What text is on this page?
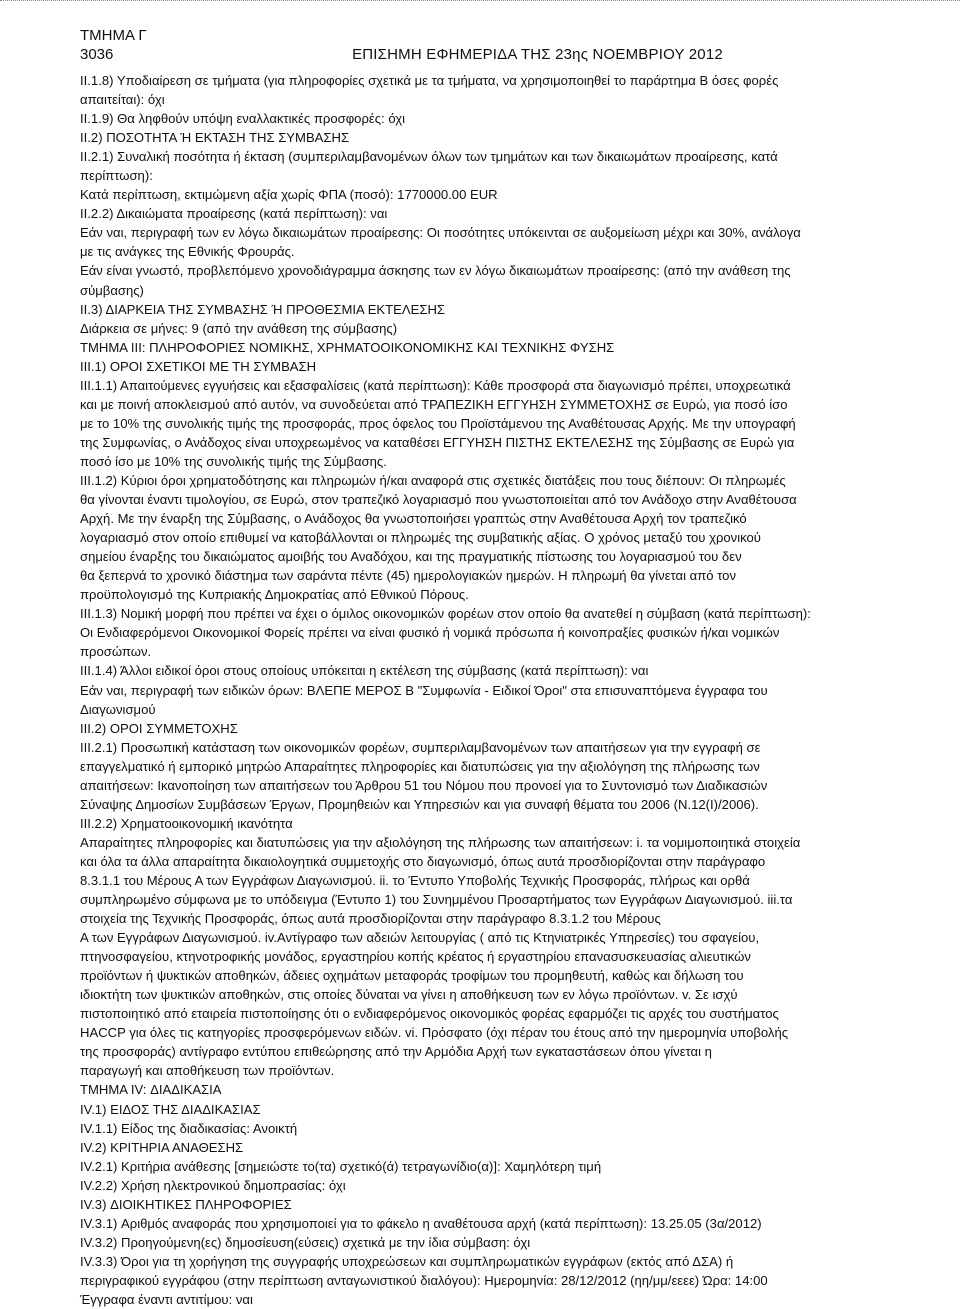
ΤΜΗΜΑ Γ

3036	ΕΠΙΣΗΜΗ ΕΦΗΜΕΡΙΔΑ ΤΗΣ 23ης ΝΟΕΜΒΡΙΟΥ 2012

ΙΙ.1.8) Υποδιαίρεση σε τμήματα (για πληροφορίες σχετικά με τα τμήματα, να χρησιμοποιηθεί το παράρτημα Β όσες φορές

απαιτείται): όχι

ΙΙ.1.9) Θα ληφθούν υπόψη εναλλακτικές προσφορές: όχι

ΙΙ.2) ΠΟΣΟΤΗΤΑ Ή ΕΚΤΑΣΗ ΤΗΣ ΣΥΜΒΑΣΗΣ

ΙΙ.2.1) Συναλική ποσότητα ή έκταση (συμπεριλαμβανομένων όλων των τμημάτων και των δικαιωμάτων προαίρεσης, κατά

περίπτωση):

Κατά περίπτωση, εκτιμώμενη αξία χωρίς ΦΠΑ (ποσό): 1770000.00 EUR

ΙΙ.2.2) Δικαιώματα προαίρεσης (κατά περίπτωση): ναι

Εάν ναι, περιγραφή των εν λόγω δικαιωμάτων προαίρεσης: Οι ποσότητες υπόκεινται σε αυξομείωση μέχρι και 30%, ανάλογα

με τις ανάγκες της Εθνικής Φρουράς.

Εάν είναι γνωστό, προβλεπόμενο χρονοδιάγραμμα άσκησης των εν λόγω δικαιωμάτων προαίρεσης: (από την ανάθεση της

σύμβασης)

ΙΙ.3) ΔΙΑΡΚΕΙΑ ΤΗΣ ΣΥΜΒΑΣΗΣ Ή ΠΡΟΘΕΣΜΙΑ ΕΚΤΕΛΕΣΗΣ

Διάρκεια σε μήνες: 9 (από την ανάθεση της σύμβασης)

ΤΜΗΜΑ ΙΙΙ: ΠΛΗΡΟΦΟΡΙΕΣ ΝΟΜΙΚΗΣ, ΧΡΗΜΑΤΟΟΙΚΟΝΟΜΙΚΗΣ ΚΑΙ ΤΕΧΝΙΚΗΣ ΦΥΣΗΣ

ΙΙΙ.1) ΟΡΟΙ ΣΧΕΤΙΚΟΙ ΜΕ ΤΗ ΣΥΜΒΑΣΗ

ΙΙΙ.1.1) Απαιτούμενες εγγυήσεις και εξασφαλίσεις (κατά περίπτωση): Κάθε προσφορά στα διαγωνισμό πρέπει, υποχρεωτικά

και με ποινή αποκλεισμού από αυτόν, να συνοδεύεται από ΤΡΑΠΕΖΙΚΗ ΕΓΓΥΗΣΗ ΣΥΜΜΕΤΟΧΗΣ σε Ευρώ, για ποσό ίσο

με το 10% της συνολικής τιμής της προσφοράς, προς όφελος του Προϊστάμενου της Αναθέτουσας Αρχής. Με την υπογραφή

της Συμφωνίας, ο Ανάδοχος είναι υποχρεωμένος να καταθέσει ΕΓΓΥΗΣΗ ΠΙΣΤΗΣ ΕΚΤΕΛΕΣΗΣ της Σύμβασης σε Ευρώ για

ποσό ίσο με 10% της συνολικής τιμής της Σύμβασης.

ΙΙΙ.1.2) Κύριοι όροι χρηματοδότησης και πληρωμών ή/και αναφορά στις σχετικές διατάξεις που τους διέπουν: Οι πληρωμές

θα γίνονται έναντι τιμολογίου, σε Ευρώ, στον τραπεζικό λογαριασμό που γνωστοποιείται από τον Ανάδοχο στην Αναθέτουσα

Αρχή. Με την έναρξη της Σύμβασης, ο Ανάδοχος θα γνωστοποιήσει γραπτώς στην Αναθέτουσα Αρχή τον τραπεζικό

λογαριασμό στον οποίο επιθυμεί να κατοβάλλονται οι πληρωμές της συμβατικής αξίας. Ο χρόνος μεταξύ του χρονικού

σημείου έναρξης του δικαιώματος αμοιβής του Αναδόχου, και της πραγματικής πίστωσης του λογαριασμού του δεν

θα ξεπερνά το χρονικό διάστημα των σαράντα πέντε (45) ημερολογιακών ημερών. Η πληρωμή θα γίνεται από τον

προϋπολογισμό της Κυπριακής Δημοκρατίας από Εθνικού Πόρους.

ΙΙΙ.1.3) Νομική μορφή που πρέπει να έχει ο όμιλος οικονομικών φορέων στον οποίο θα ανατεθεί η σύμβαση (κατά περίπτωση):

Οι Ενδιαφερόμενοι Οικονομικοί Φορείς πρέπει να είναι φυσικό ή νομικά πρόσωπα ή κοινοπραξίες φυσικών ή/και νομικών

προσώπων.

ΙΙΙ.1.4) Άλλοι ειδικοί όροι στους οποίους υπόκειται η εκτέλεση της σύμβασης (κατά περίπτωση): ναι

Εάν ναι, περιγραφή των ειδικών όρων: ΒΛΕΠΕ ΜΕΡΟΣ Β "Συμφωνία - Ειδικοί Όροι" στα επισυναπτόμενα έγγραφα του

Διαγωνισμού

ΙΙΙ.2) ΟΡΟΙ ΣΥΜΜΕΤΟΧΗΣ

ΙΙΙ.2.1) Προσωπική κατάσταση των οικονομικών φορέων, συμπεριλαμβανομένων των απαιτήσεων για την εγγραφή σε

επαγγελματικό ή εμπορικό μητρώο Απαραίτητες πληροφορίες και διατυπώσεις για την αξιολόγηση της πλήρωσης των

απαιτήσεων: Ικανοποίηση των απαιτήσεων του Άρθρου 51 του Νόμου που προνοεί για το Συντονισμό των Διαδικασιών

Σύναψης Δημοσίων Συμβάσεων Έργων, Προμηθειών και Υπηρεσιών και για συναφή θέματα του 2006 (Ν.12(Ι)/2006).

ΙΙΙ.2.2) Χρηματοοικονομική ικανότητα

Απαραίτητες πληροφορίες και διατυπώσεις για την αξιολόγηση της πλήρωσης των απαιτήσεων: i. τα νομιμοποιητικά στοιχεία

και όλα τα άλλα απαραίτητα δικαιολογητικά συμμετοχής στο διαγωνισμό, όπως αυτά προσδιορίζονται στην παράγραφο

8.3.1.1 του Μέρους Α των Εγγράφων Διαγωνισμού. ii. το Έντυπο Υποβολής Τεχνικής Προσφοράς, πλήρως και ορθά

συμπληρωμένο σύμφωνα με το υπόδειγμα (Έντυπο 1) του Συνημμένου Προσαρτήματος των Εγγράφων Διαγωνισμού. iii.τα

στοιχεία της Τεχνικής Προσφοράς, όπως αυτά προσδιορίζονται στην παράγραφο 8.3.1.2 του Μέρους

Α των Εγγράφων Διαγωνισμού. iv.Αντίγραφο των αδειών λειτουργίας ( από τις Κτηνιατρικές Υπηρεσίες) του σφαγείου,

πτηνοσφαγείου, κτηνοτροφικής μονάδος, εργαστηρίου κοπής κρέατος ή εργαστηρίου επανασυσκευασίας αλιευτικών

προϊόντων ή ψυκτικών αποθηκών, άδειες οχημάτων μεταφοράς τροφίμων του προμηθευτή, καθώς και δήλωση του

ιδιοκτήτη των ψυκτικών αποθηκών, στις οποίες δύναται να γίνει η αποθήκευση των εν λόγω προϊόντων. v. Σε ισχύ

πιστοποιητικό από εταιρεία πιστοποίησης ότι ο ενδιαφερόμενος οικονομικός φορέας εφαρμόζει τις αρχές του συστήματος

HACCP για όλες τις κατηγορίες προσφερόμενων ειδών. vi. Πρόσφατο (όχι πέραν του έτους από την ημερομηνία υποβολής

της προσφοράς) αντίγραφο εντύπου επιθεώρησης από την Αρμόδια Αρχή των εγκαταστάσεων όπου γίνεται η

παραγωγή και αποθήκευση των προϊόντων.

ΤΜΗΜΑ ΙV: ΔΙΑΔΙΚΑΣΙΑ

ΙV.1) ΕΙΔΟΣ ΤΗΣ ΔΙΑΔΙΚΑΣΙΑΣ

ΙV.1.1) Είδος της διαδικασίας: Ανοικτή

ΙV.2) ΚΡΙΤΗΡΙΑ ΑΝΑΘΕΣΗΣ

ΙV.2.1) Κριτήρια ανάθεσης [σημειώστε το(τα) σχετικό(ά) τετραγωνίδιο(α)]: Χαμηλότερη τιμή

ΙV.2.2) Χρήση ηλεκτρονικού δημοπρασίας: όχι

ΙV.3) ΔΙΟΙΚΗΤΙΚΕΣ ΠΛΗΡΟΦΟΡΙΕΣ

ΙV.3.1) Αριθμός αναφοράς που χρησιμοποιεί για το φάκελο η αναθέτουσα αρχή (κατά περίπτωση): 13.25.05 (3α/2012)

ΙV.3.2) Προηγούμενη(ες) δημοσίευση(εύσεις) σχετικά με την ίδια σύμβαση: όχι

ΙV.3.3) Όροι για τη χορήγηση της συγγραφής υποχρεώσεων και συμπληρωματικών εγγράφων (εκτός από ΔΣΑ) ή

περιγραφικού εγγράφου (στην περίπτωση ανταγωνιστικού διαλόγου): Ημερομηνία: 28/12/2012 (ηη/μμ/εεεε) Ώρα: 14:00

Έγγραφα έναντι αντιτίμου: ναι
